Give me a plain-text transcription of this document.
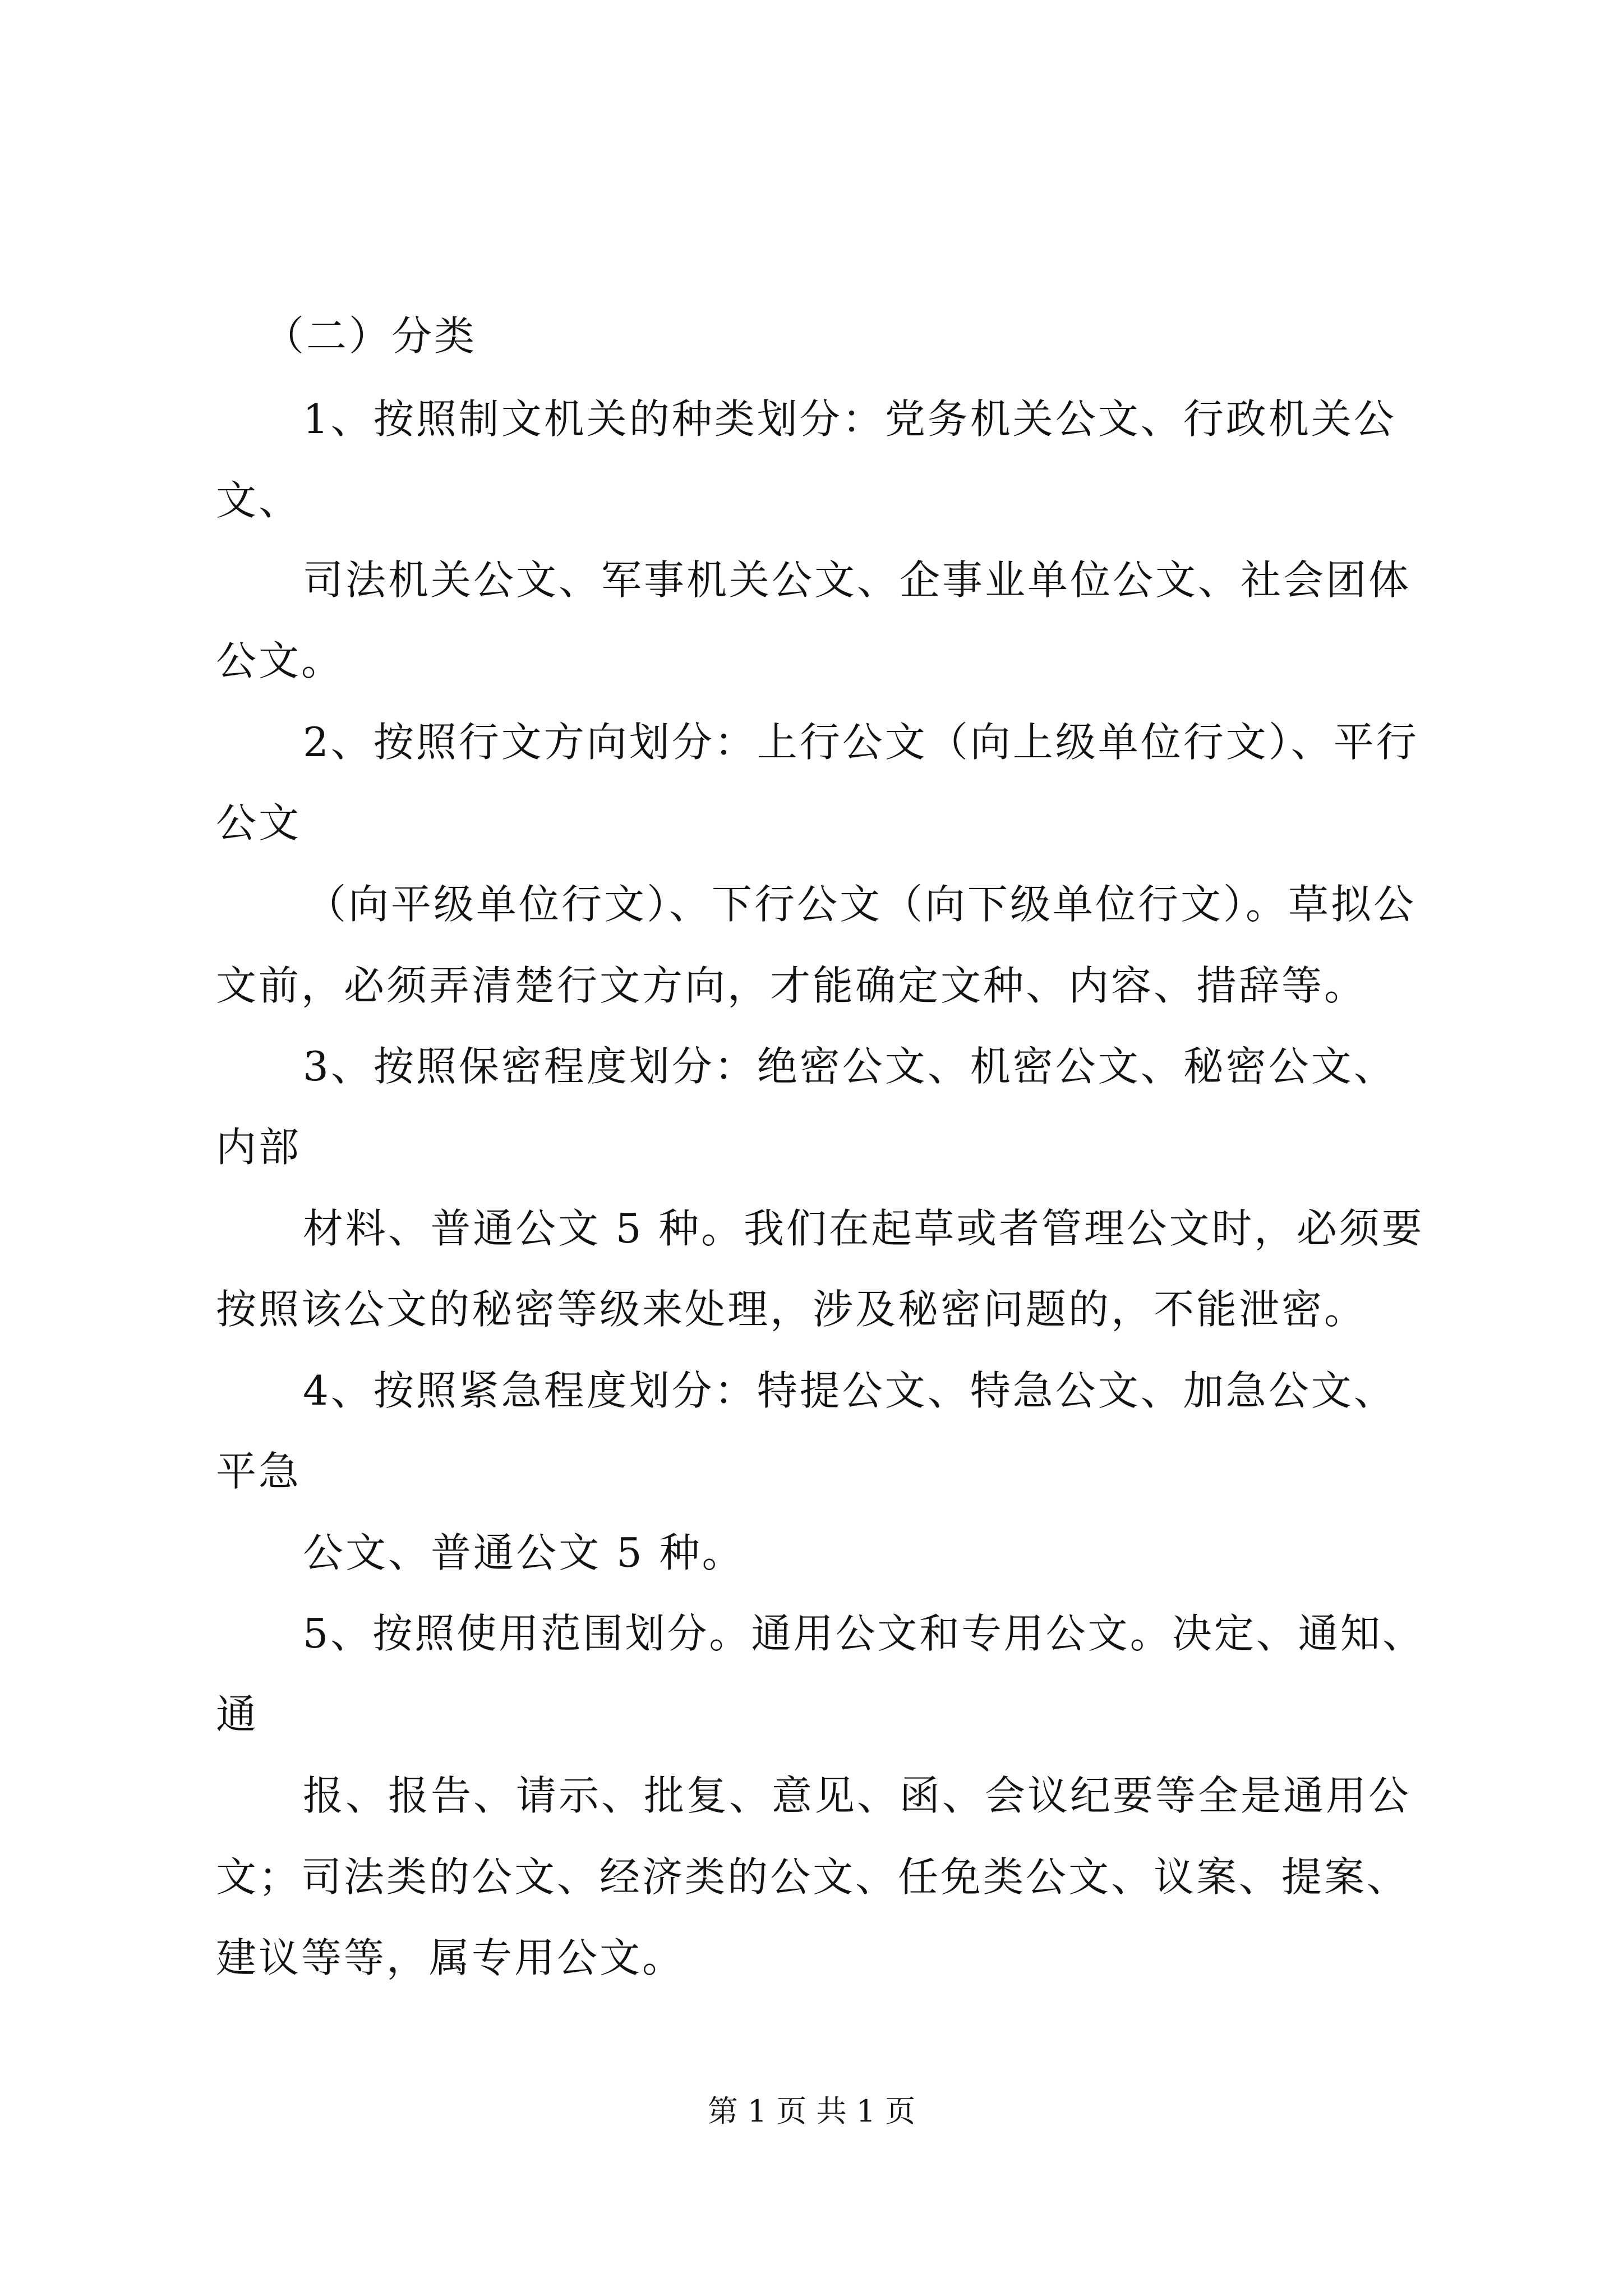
（二）分类
1、按照制文机关的种类划分：党务机关公文、行政机关公
文、
司法机关公文、军事机关公文、企事业单位公文、社会团体
公文。
2、按照行文方向划分：上行公文（向上级单位行文）、平行
公文
（向平级单位行文）、下行公文（向下级单位行文）。草拟公
文前，必须弄清楚行文方向，才能确定文种、内容、措辞等。
3、按照保密程度划分：绝密公文、机密公文、秘密公文、
内部
材料、普通公文 5 种。我们在起草或者管理公文时，必须要
按照该公文的秘密等级来处理，涉及秘密问题的，不能泄密。
4、按照紧急程度划分：特提公文、特急公文、加急公文、
平急
公文、普通公文 5 种。
5、按照使用范围划分。通用公文和专用公文。决定、通知、
通
报、报告、请示、批复、意见、函、会议纪要等全是通用公
文；司法类的公文、经济类的公文、任免类公文、议案、提案、
建议等等，属专用公文。
第 1 页 共 1 页
